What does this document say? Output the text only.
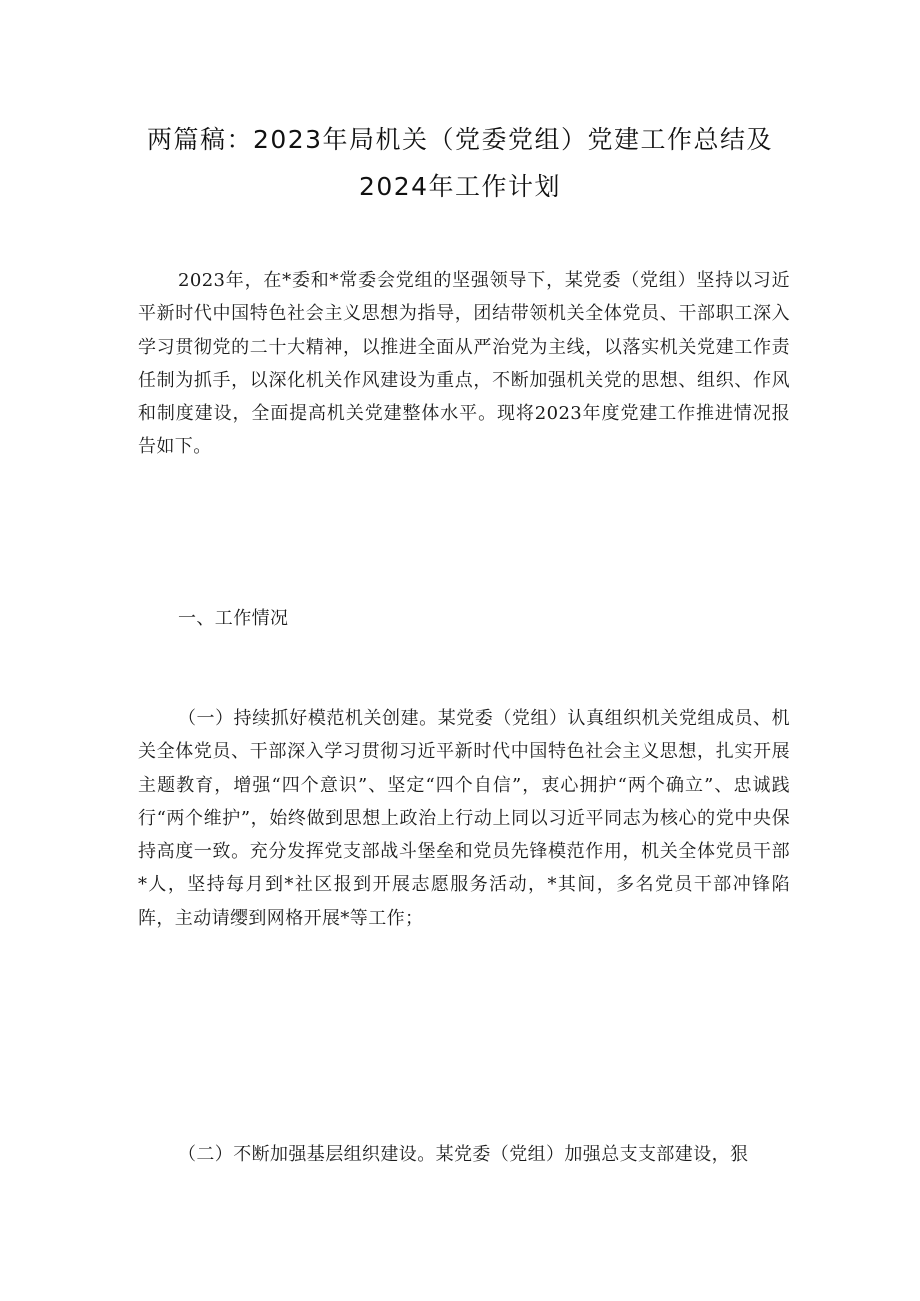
两篇稿：2023年局机关（党委党组）党建工作总结及
2024年工作计划

2023年，在*委和*常委会党组的坚强领导下，某党委（党组）坚持以习近平新时代中国特色社会主义思想为指导，团结带领机关全体党员、干部职工深入学习贯彻党的二十大精神，以推进全面从严治党为主线，以落实机关党建工作责任制为抓手，以深化机关作风建设为重点，不断加强机关党的思想、组织、作风和制度建设，全面提高机关党建整体水平。现将2023年度党建工作推进情况报告如下。

一、工作情况

（一）持续抓好模范机关创建。某党委（党组）认真组织机关党组成员、机关全体党员、干部深入学习贯彻习近平新时代中国特色社会主义思想，扎实开展主题教育，增强“四个意识”、坚定“四个自信”，衷心拥护“两个确立”、忠诚践行“两个维护”，始终做到思想上政治上行动上同以习近平同志为核心的党中央保持高度一致。充分发挥党支部战斗堡垒和党员先锋模范作用，机关全体党员干部*人，坚持每月到*社区报到开展志愿服务活动，*其间，多名党员干部冲锋陷阵，主动请缨到网格开展*等工作；

（二）不断加强基层组织建设。某党委（党组）加强总支支部建设，狠
